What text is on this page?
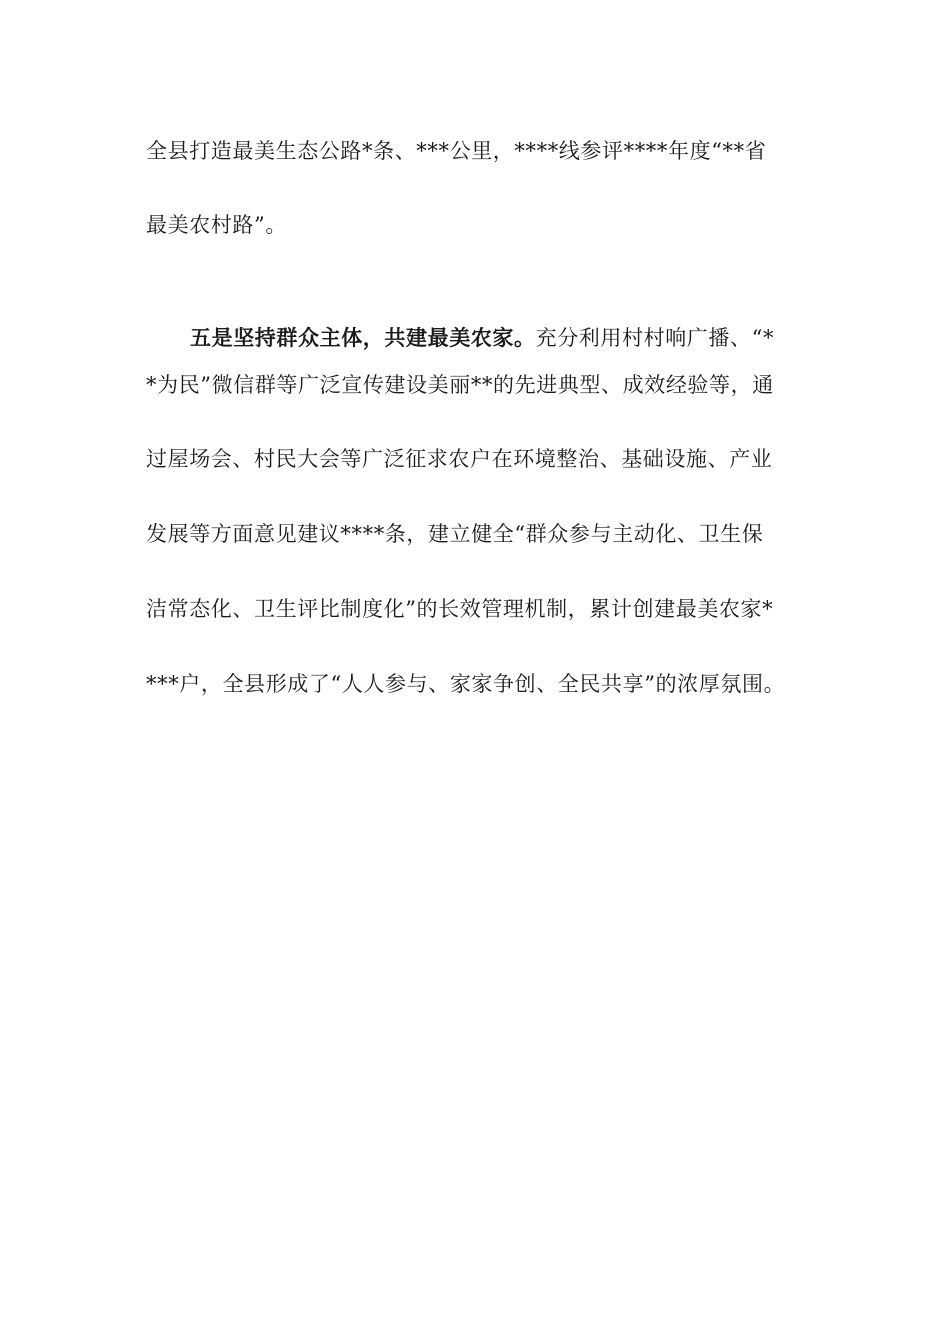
全县打造最美生态公路*条、***公里，****线参评****年度“**省
最美农村路”。
五是坚持群众主体，共建最美农家。充分利用村村响广播、“*
*为民”微信群等广泛宣传建设美丽**的先进典型、成效经验等，通
过屋场会、村民大会等广泛征求农户在环境整治、基础设施、产业
发展等方面意见建议****条，建立健全“群众参与主动化、卫生保
洁常态化、卫生评比制度化”的长效管理机制，累计创建最美农家*
***户，全县形成了“人人参与、家家争创、全民共享”的浓厚氛围。
